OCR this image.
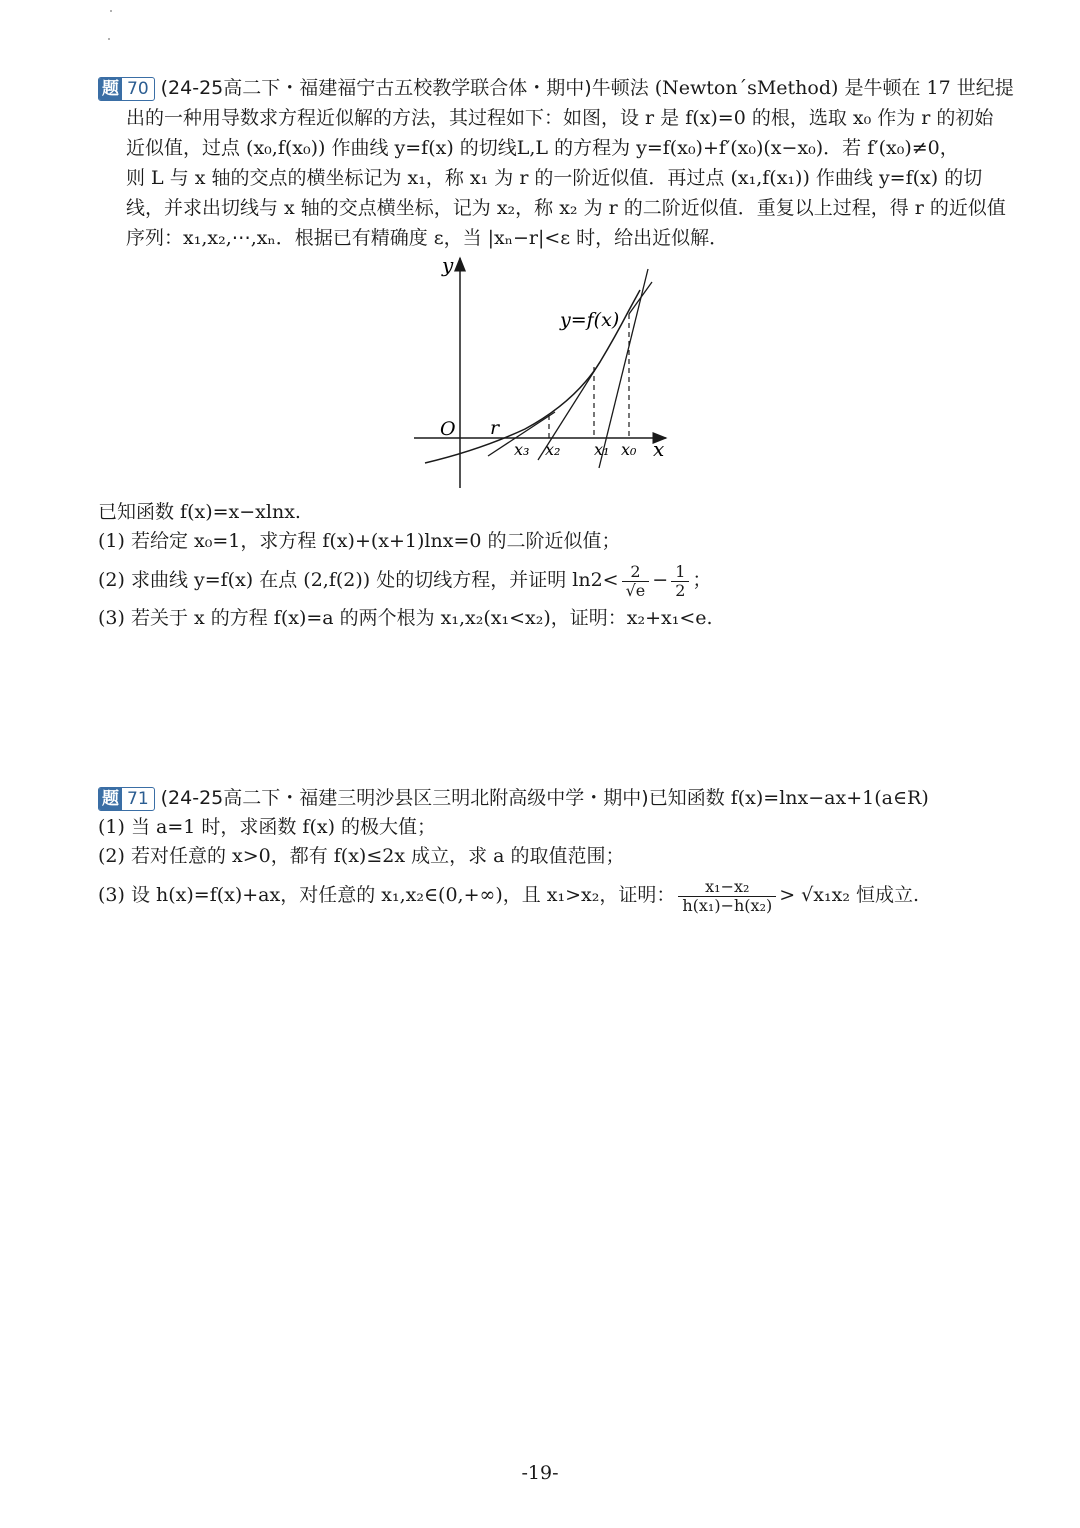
题 70 (24-25高二下・福建福宁古五校教学联合体・期中)牛顿法 (Newton´sMethod) 是牛顿在 17 世纪提
出的一种用导数求方程近似解的方法，其过程如下：如图，设 r 是 f(x)=0 的根，选取 x₀ 作为 r 的初始
近似值，过点 (x₀,f(x₀)) 作曲线 y=f(x) 的切线L,L 的方程为 y=f(x₀)+f′(x₀)(x−x₀)．若 f′(x₀)≠0，
则 L 与 x 轴的交点的横坐标记为 x₁，称 x₁ 为 r 的一阶近似值．再过点 (x₁,f(x₁)) 作曲线 y=f(x) 的切
线，并求出切线与 x 轴的交点横坐标，记为 x₂，称 x₂ 为 r 的二阶近似值．重复以上过程，得 r 的近似值
序列：x₁,x₂,⋯,xₙ．根据已有精确度 ε，当 |xₙ−r|<ε 时，给出近似解．
y
x
O r
y=f(x)
x₃ x₂ x₁ x₀
已知函数 f(x)=x−xlnx.
(1) 若给定 x₀=1，求方程 f(x)+(x+1)lnx=0 的二阶近似值；
(2) 求曲线 y=f(x) 在点 (2,f(2)) 处的切线方程，并证明 $\ln 2< \frac{2}{√e} - \frac{1}{2}$ ；
(3) 若关于 x 的方程 f(x)=a 的两个根为 x₁,x₂(x₁<x₂)，证明：x₂+x₁<e.
题 71 (24-25高二下・福建三明沙县区三明北附高级中学・期中)已知函数 f(x)=lnx−ax+1(a∈R)
(1) 当 a=1 时，求函数 f(x) 的极大值；
(2) 若对任意的 x>0，都有 f(x)≤2x 成立，求 a 的取值范围；
(3) 设 h(x)=f(x)+ax，对任意的 x₁,x₂∈(0,+∞)，且 x₁>x₂，证明： $\frac{\text{x₁−x₂}}{\text{h(x₁)−h(x₂)}} > √x_1x_2$ 恒成立.
-19-
